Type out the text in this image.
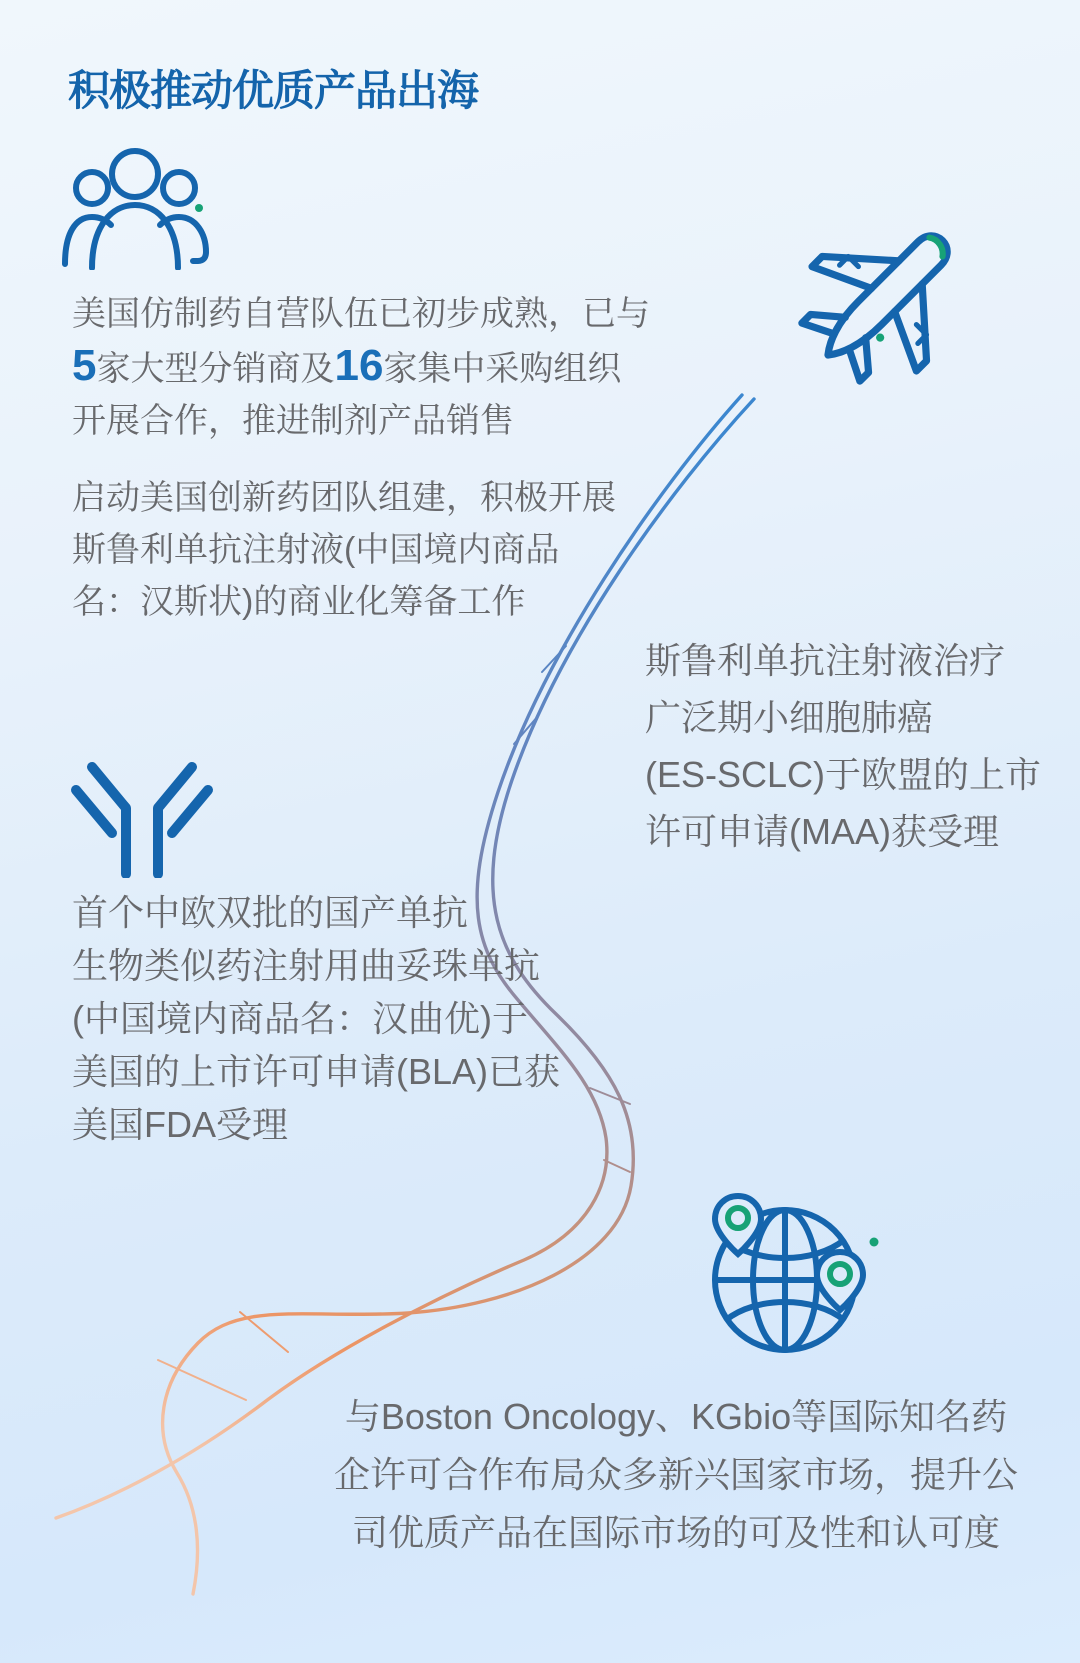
积极推动优质产品出海
美国仿制药自营队伍已初步成熟，已与
5家大型分销商及16家集中采购组织
开展合作，推进制剂产品销售
启动美国创新药团队组建，积极开展
斯鲁利单抗注射液(中国境内商品
名：汉斯状)的商业化筹备工作
斯鲁利单抗注射液治疗
广泛期小细胞肺癌
(ES-SCLC)于欧盟的上市
许可申请(MAA)获受理
首个中欧双批的国产单抗
生物类似药注射用曲妥珠单抗
(中国境内商品名：汉曲优)于
美国的上市许可申请(BLA)已获
美国FDA受理
与Boston Oncology、KGbio等国际知名药
企许可合作布局众多新兴国家市场，提升公
司优质产品在国际市场的可及性和认可度
